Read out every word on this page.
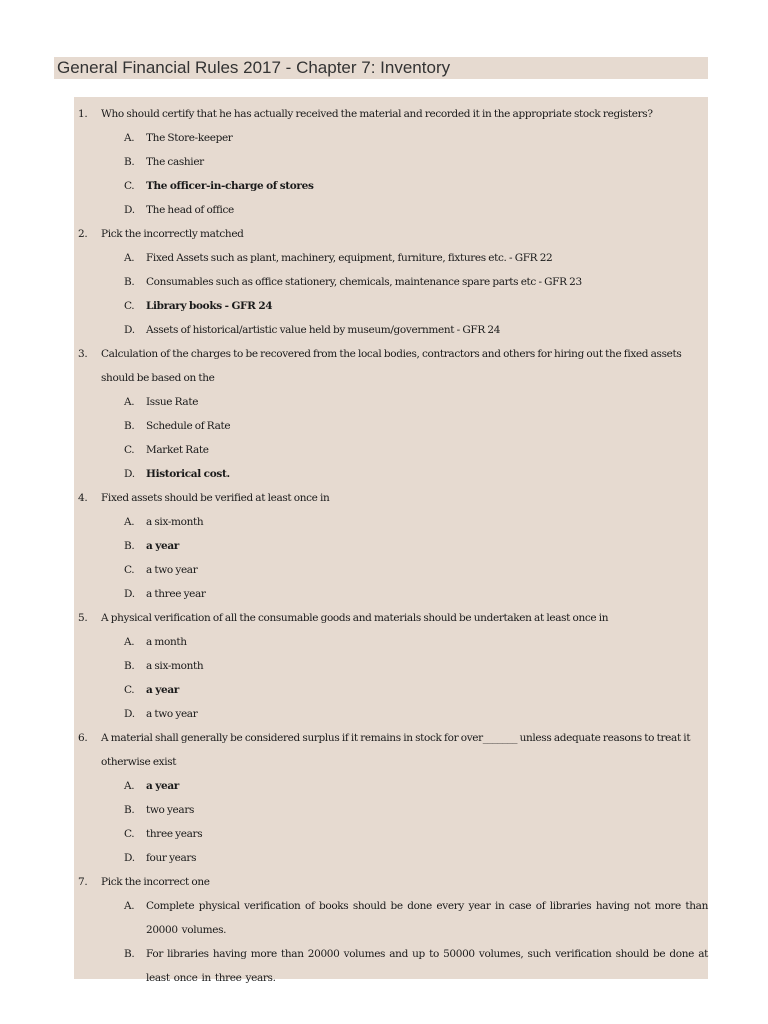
General Financial Rules 2017 - Chapter 7: Inventory
1. Who should certify that he has actually received the material and recorded it in the appropriate stock registers?
A. The Store-keeper
B. The cashier
C. The officer-in-charge of stores
D. The head of office
2. Pick the incorrectly matched
A. Fixed Assets such as plant, machinery, equipment, furniture, fixtures etc. - GFR 22
B. Consumables such as office stationery, chemicals, maintenance spare parts etc - GFR 23
C. Library books - GFR 24
D. Assets of historical/artistic value held by museum/government - GFR 24
3. Calculation of the charges to be recovered from the local bodies, contractors and others for hiring out the fixed assets should be based on the
A. Issue Rate
B. Schedule of Rate
C. Market Rate
D. Historical cost.
4. Fixed assets should be verified at least once in
A. a six-month
B. a year
C. a two year
D. a three year
5. A physical verification of all the consumable goods and materials should be undertaken at least once in
A. a month
B. a six-month
C. a year
D. a two year
6. A material shall generally be considered surplus if it remains in stock for over_______ unless adequate reasons to treat it otherwise exist
A. a year
B. two years
C. three years
D. four years
7. Pick the incorrect one
A. Complete physical verification of books should be done every year in case of libraries having not more than 20000 volumes.
B. For libraries having more than 20000 volumes and up to 50000 volumes, such verification should be done at least once in three years.
